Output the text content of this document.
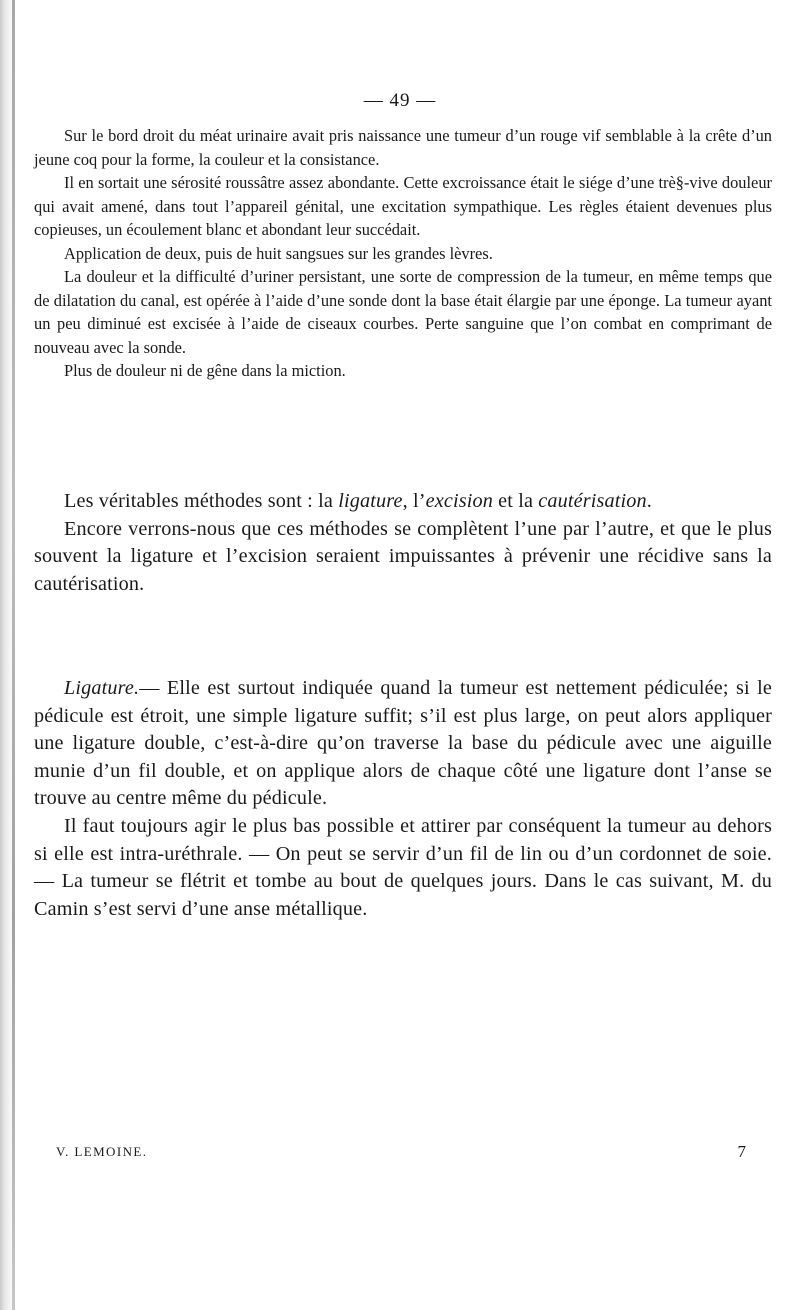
— 49 —

Sur le bord droit du méat urinaire avait pris naissance une tumeur d’un rouge vif semblable à la crête d’un jeune coq pour la forme, la couleur et la consistance.

Il en sortait une sérosité roussâtre assez abondante. Cette excroissance était le siége d’une trè§-vive douleur qui avait amené, dans tout l’appareil génital, une excitation sympathique. Les règles étaient devenues plus copieuses, un écoulement blanc et abondant leur succédait.

Application de deux, puis de huit sangsues sur les grandes lèvres.

La douleur et la difficulté d’uriner persistant, une sorte de compression de la tumeur, en même temps que de dilatation du canal, est opérée à l’aide d’une sonde dont la base était élargie par une éponge. La tumeur ayant un peu diminué est excisée à l’aide de ciseaux courbes. Perte sanguine que l’on combat en comprimant de nouveau avec la sonde.

Plus de douleur ni de gêne dans la miction.

Les véritables méthodes sont : la ligature, l’excision et la cautérisation.

Encore verrons-nous que ces méthodes se complètent l’une par l’autre, et que le plus souvent la ligature et l’excision seraient impuissantes à prévenir une récidive sans la cautérisation.

Ligature.— Elle est surtout indiquée quand la tumeur est nettement pédiculée; si le pédicule est étroit, une simple ligature suffit; s’il est plus large, on peut alors appliquer une ligature double, c’est-à-dire qu’on traverse la base du pédicule avec une aiguille munie d’un fil double, et on applique alors de chaque côté une ligature dont l’anse se trouve au centre même du pédicule.

Il faut toujours agir le plus bas possible et attirer par conséquent la tumeur au dehors si elle est intra-uréthrale. — On peut se servir d’un fil de lin ou d’un cordonnet de soie. — La tumeur se flétrit et tombe au bout de quelques jours. Dans le cas suivant, M. du Camin s’est servi d’une anse métallique.

V. LEMOINE.	7
